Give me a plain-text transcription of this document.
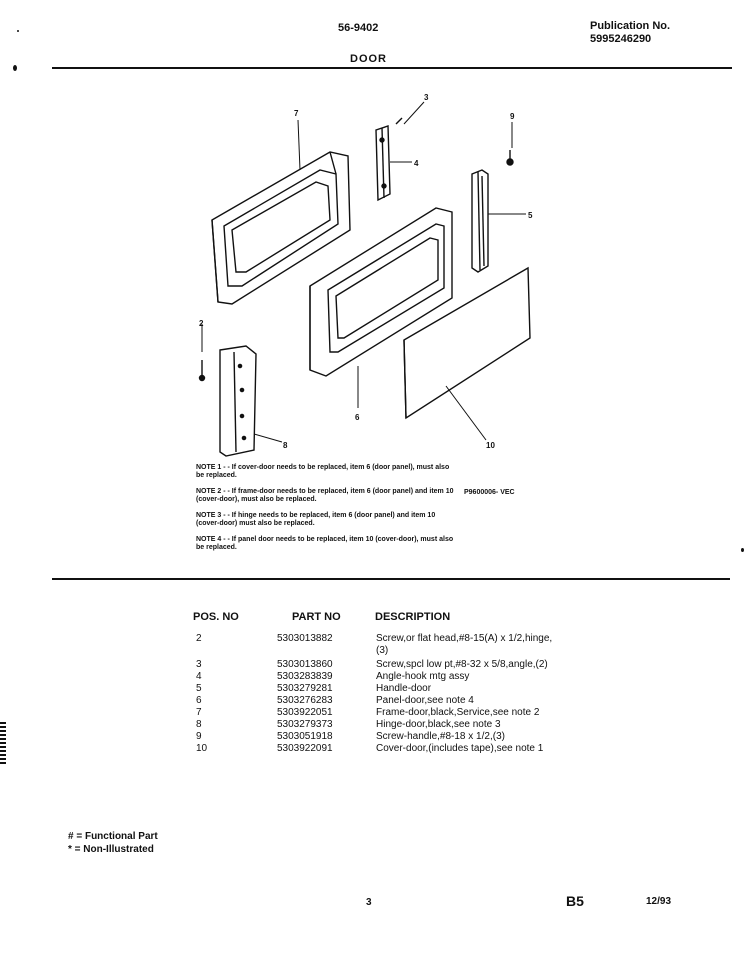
56-9402	Publication No.
5995246290
DOOR
7
3
4
9
5
2
6
8	10
NOTE 1 - - If cover-door needs to be replaced, item 6 (door panel), must also be replaced.
NOTE 2 - - If frame-door needs to be replaced, item 6 (door panel) and item 10 (cover-door), must also be replaced.
NOTE 3 - - If hinge needs to be replaced, item 6 (door panel) and item 10 (cover-door) must also be replaced.
NOTE 4 - - If panel door needs to be replaced, item 10 (cover-door), must also be replaced.
P9600006- VEC
POS. NO	PART NO	DESCRIPTION
2	5303013882	Screw,or flat head,#8-15(A) x 1/2,hinge,
(3)
3	5303013860	Screw,spcl low pt,#8-32 x 5/8,angle,(2)
4	5303283839	Angle-hook mtg assy
5	5303279281	Handle-door
6	5303276283	Panel-door,see note 4
7	5303922051	Frame-door,black,Service,see note 2
8	5303279373	Hinge-door,black,see note 3
9	5303051918	Screw-handle,#8-18 x 1/2,(3)
10	5303922091	Cover-door,(includes tape),see note 1
# = Functional Part
* = Non-Illustrated
3	B5	12/93
